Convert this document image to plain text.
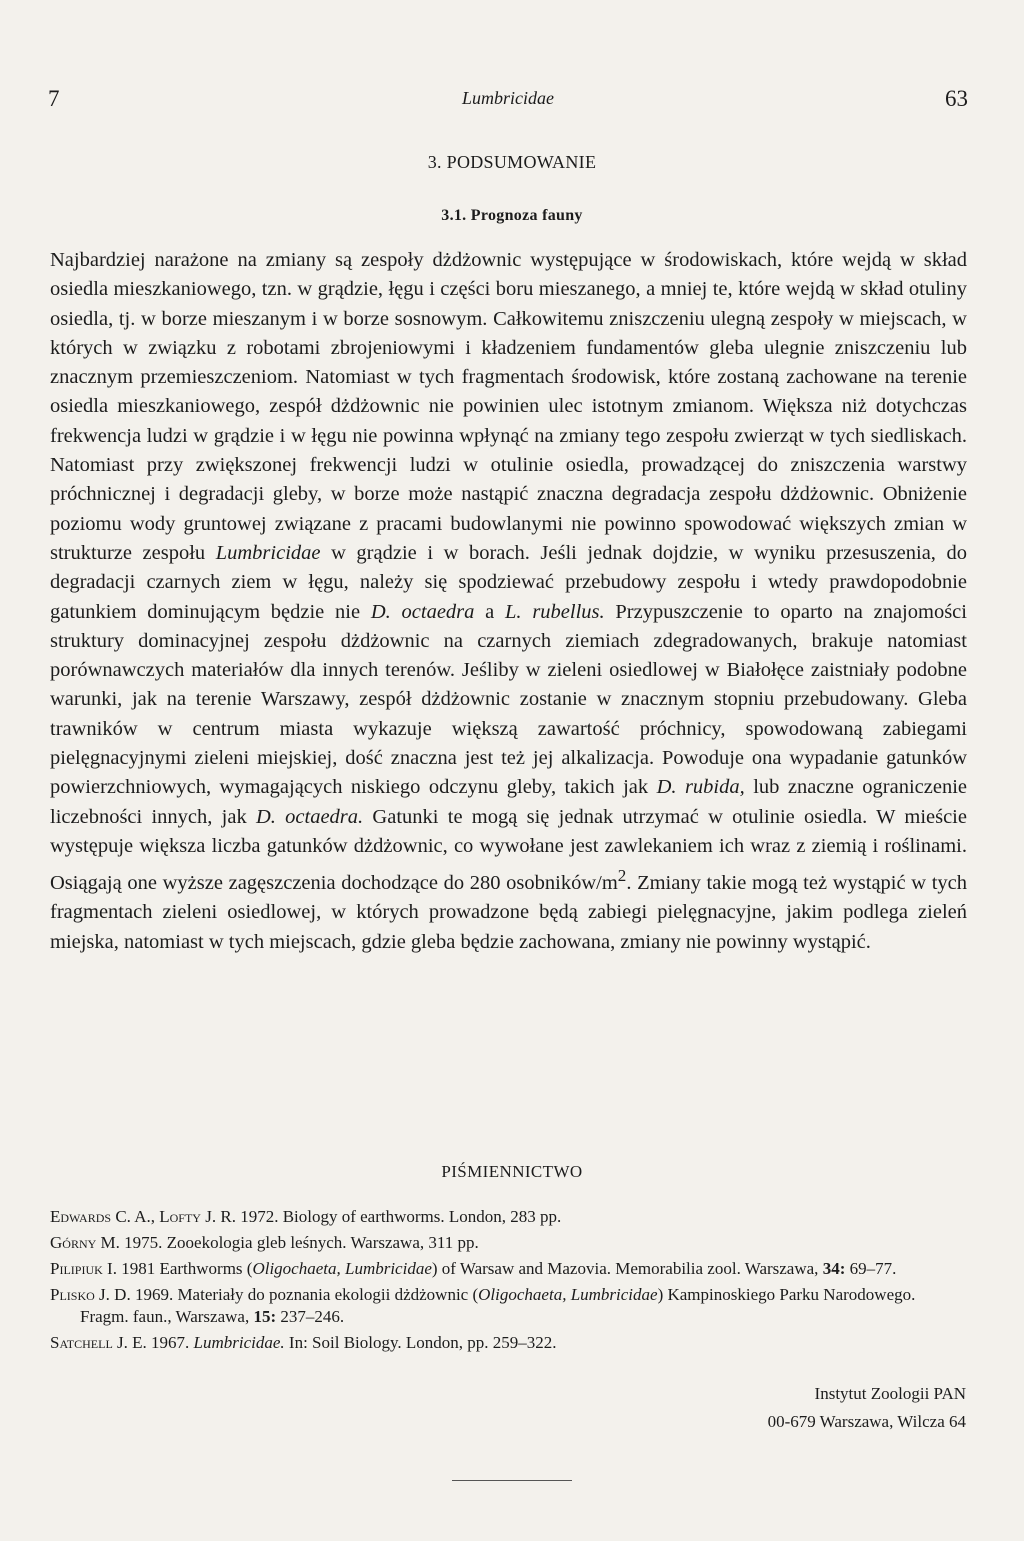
7	Lumbricidae	63
3. PODSUMOWANIE
3.1. Prognoza fauny

Najbardziej narażone na zmiany są zespoły dżdżownic występujące w środowiskach, które wejdą w skład osiedla mieszkaniowego, tzn. w grądzie, łęgu i części boru mieszanego, a mniej te, które wejdą w skład otuliny osiedla, tj. w borze mieszanym i w borze sosnowym. Całkowitemu zniszczeniu ulegną zespoły w miejscach, w których w związku z robotami zbrojeniowymi i kładzeniem fundamentów gleba ulegnie zniszczeniu lub znacznym przemieszczeniom. Natomiast w tych fragmentach środowisk, które zostaną zachowane na terenie osiedla mieszkaniowego, zespół dżdżownic nie powinien ulec istotnym zmianom. Większa niż dotychczas frekwencja ludzi w grądzie i w łęgu nie powinna wpłynąć na zmiany tego zespołu zwierząt w tych siedliskach. Natomiast przy zwiększonej frekwencji ludzi w otulinie osiedla, prowadzącej do zniszczenia warstwy próchnicznej i degradacji gleby, w borze może nastąpić znaczna degradacja zespołu dżdżownic. Obniżenie poziomu wody gruntowej związane z pracami budowlanymi nie powinno spowodować większych zmian w strukturze zespołu Lumbricidae w grądzie i w borach. Jeśli jednak dojdzie, w wyniku przesuszenia, do degradacji czarnych ziem w łęgu, należy się spodziewać przebudowy zespołu i wtedy prawdopodobnie gatunkiem dominującym będzie nie D. octaedra a L. rubellus. Przypuszczenie to oparto na znajomości struktury dominacyjnej zespołu dżdżownic na czarnych ziemiach zdegradowanych, brakuje natomiast porównawczych materiałów dla innych terenów. Jeśliby w zieleni osiedlowej w Białołęce zaistniały podobne warunki, jak na terenie Warszawy, zespół dżdżownic zostanie w znacznym stopniu przebudowany. Gleba trawników w centrum miasta wykazuje większą zawartość próchnicy, spowodowaną zabiegami pielęgnacyjnymi zieleni miejskiej, dość znaczna jest też jej alkalizacja. Powoduje ona wypadanie gatunków powierzchniowych, wymagających niskiego odczynu gleby, takich jak D. rubida, lub znaczne ograniczenie liczebności innych, jak D. octaedra. Gatunki te mogą się jednak utrzymać w otulinie osiedla. W mieście występuje większa liczba gatunków dżdżownic, co wywołane jest zawlekaniem ich wraz z ziemią i roślinami. Osiągają one wyższe zagęszczenia dochodzące do 280 osobników/$m^2$. Zmiany takie mogą też wystąpić w tych fragmentach zieleni osiedlowej, w których prowadzone będą zabiegi pielęgnacyjne, jakim podlega zieleń miejska, natomiast w tych miejscach, gdzie gleba będzie zachowana, zmiany nie powinny wystąpić.

PIŚMIENNICTWO

Edwards C. A., Lofty J. R. 1972. Biology of earthworms. London, 283 pp.

Górny M. 1975. Zooekologia gleb leśnych. Warszawa, 311 pp.

Pilipiuk I. 1981 Earthworms (Oligochaeta, Lumbricidae) of Warsaw and Mazovia. Memorabilia zool. Warszawa, 34: 69–77.

Plisko J. D. 1969. Materiały do poznania ekologii dżdżownic (Oligochaeta, Lumbricidae) Kampinoskiego Parku Narodowego. Fragm. faun., Warszawa, 15: 237–246.

Satchell J. E. 1967. Lumbricidae. In: Soil Biology. London, pp. 259–322.

Instytut Zoologii PAN
00-679 Warszawa, Wilcza 64
